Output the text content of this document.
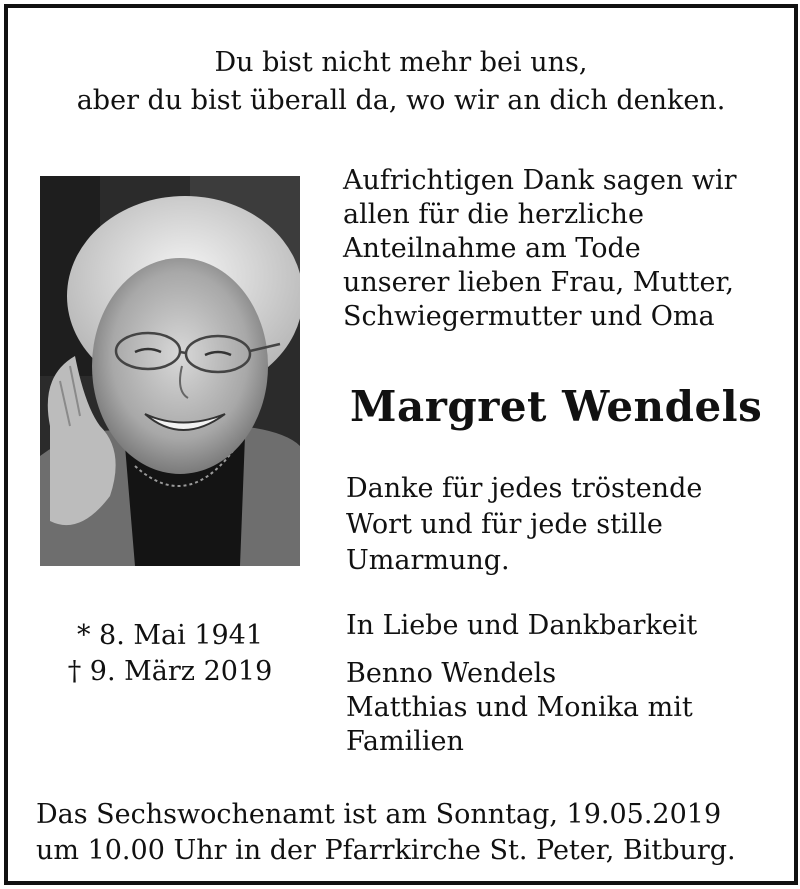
Du bist nicht mehr bei uns,
aber du bist überall da, wo wir an dich denken.
Aufrichtigen Dank sagen wir
allen für die herzliche
Anteilnahme am Tode
unserer lieben Frau, Mutter,
Schwiegermutter und Oma
Margret Wendels
Danke für jedes tröstende
Wort und für jede stille
Umarmung.
* 8. Mai 1941
† 9. März 2019
In Liebe und Dankbarkeit
Benno Wendels
Matthias und Monika mit
Familien
Das Sechswochenamt ist am Sonntag, 19.05.2019
um 10.00 Uhr in der Pfarrkirche St. Peter, Bitburg.
